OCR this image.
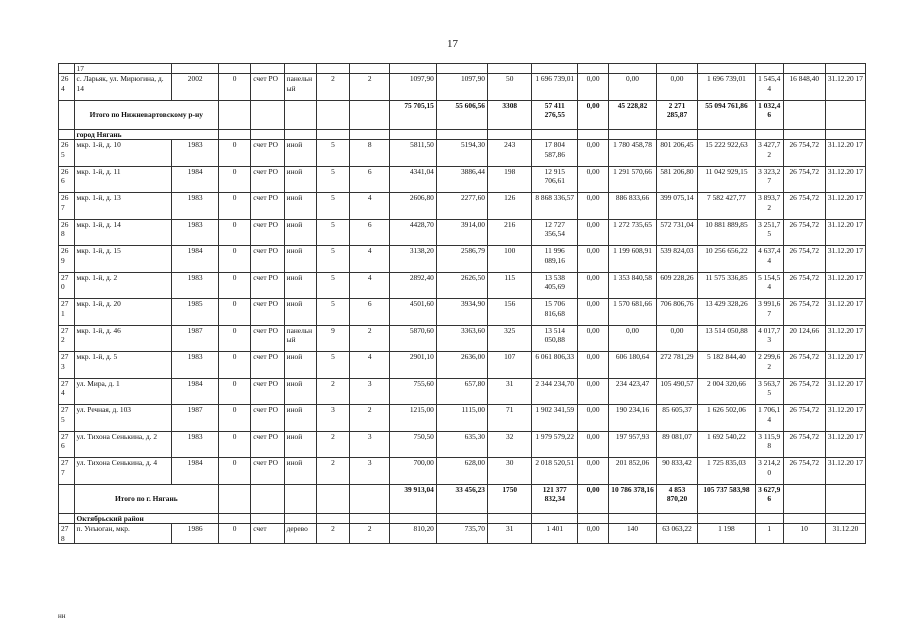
17
	17																	
264	с. Ларьяк, ул. Мирюгина, д. 14	2002	0	счет РО	панельный	2	2	1097,90	1097,90	50	1 696 739,01	0,00	0,00	0,00	1 696 739,01	1 545,4 4	16 848,40	31.12.20 17
	Итого по Нижневартовскому р-ну							75 705,15	55 606,56	3308	57 411 276,55	0,00	45 228,82	2 271 285,87	55 094 761,86	1 032,4 6		
	город Нягань																	
265	мкр. 1-й, д. 10	1983	0	счет РО	иной	5	8	5811,50	5194,30	243	17 804 587,86	0,00	1 780 458,78	801 206,45	15 222 922,63	3 427,7 2	26 754,72	31.12.20 17
266	мкр. 1-й, д. 11	1984	0	счет РО	иной	5	6	4341,04	3886,44	198	12 915 706,61	0,00	1 291 570,66	581 206,80	11 042 929,15	3 323,2 7	26 754,72	31.12.20 17
267	мкр. 1-й, д. 13	1983	0	счет РО	иной	5	4	2606,80	2277,60	126	8 868 336,57	0,00	886 833,66	399 075,14	7 582 427,77	3 893,7 2	26 754,72	31.12.20 17
268	мкр. 1-й, д. 14	1983	0	счет РО	иной	5	6	4428,70	3914,00	216	12 727 356,54	0,00	1 272 735,65	572 731,04	10 881 889,85	3 251,7 5	26 754,72	31.12.20 17
269	мкр. 1-й, д. 15	1984	0	счет РО	иной	5	4	3138,20	2586,79	100	11 996 089,16	0,00	1 199 608,91	539 824,03	10 256 656,22	4 637,4 4	26 754,72	31.12.20 17
270	мкр. 1-й, д. 2	1983	0	счет РО	иной	5	4	2892,40	2626,50	115	13 538 405,69	0,00	1 353 840,58	609 228,26	11 575 336,85	5 154,5 4	26 754,72	31.12.20 17
271	мкр. 1-й, д. 20	1985	0	счет РО	иной	5	6	4501,60	3934,90	156	15 706 816,68	0,00	1 570 681,66	706 806,76	13 429 328,26	3 991,6 7	26 754,72	31.12.20 17
272	мкр. 1-й, д. 46	1987	0	счет РО	панельный	9	2	5870,60	3363,60	325	13 514 050,88	0,00	0,00	0,00	13 514 050,88	4 017,7 3	20 124,66	31.12.20 17
273	мкр. 1-й, д. 5	1983	0	счет РО	иной	5	4	2901,10	2636,00	107	6 061 806,33	0,00	606 180,64	272 781,29	5 182 844,40	2 299,6 2	26 754,72	31.12.20 17
274	ул. Мира, д. 1	1984	0	счет РО	иной	2	3	755,60	657,80	31	2 344 234,70	0,00	234 423,47	105 490,57	2 004 320,66	3 563,7 5	26 754,72	31.12.20 17
275	ул. Речная, д. 103	1987	0	счет РО	иной	3	2	1215,00	1115,00	71	1 902 341,59	0,00	190 234,16	85 605,37	1 626 502,06	1 706,1 4	26 754,72	31.12.20 17
276	ул. Тихона Сенькина, д. 2	1983	0	счет РО	иной	2	3	750,50	635,30	32	1 979 579,22	0,00	197 957,93	89 081,07	1 692 540,22	3 115,9 8	26 754,72	31.12.20 17
277	ул. Тихона Сенькина, д. 4	1984	0	счет РО	иной	2	3	700,00	628,00	30	2 018 520,51	0,00	201 852,06	90 833,42	1 725 835,03	3 214,2 0	26 754,72	31.12.20 17
	Итого по г. Нягань							39 913,04	33 456,23	1750	121 377 832,34	0,00	10 786 378,16	4 853 870,20	105 737 583,98	3 627,9 6		
	Октябрьский район																	
278	п. Унъюган, мкр.	1986	0	счет	дерево	2	2	810,20	735,70	31	1 401	0,00	140	63 063,22	1 198	1	10	31.12.20
нн
